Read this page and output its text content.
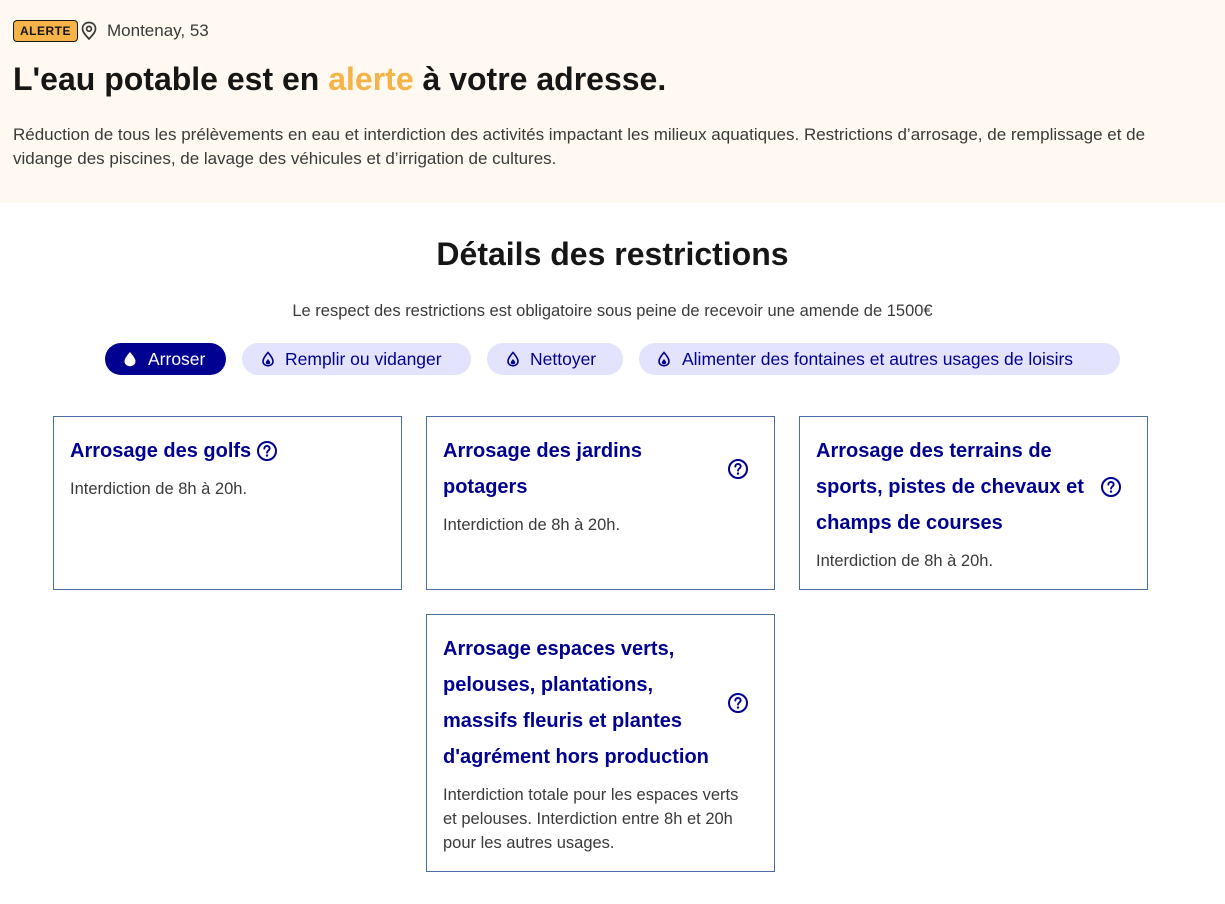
ALERTE	Montenay, 53
L'eau potable est en alerte à votre adresse.

Réduction de tous les prélèvements en eau et interdiction des activités impactant les milieux aquatiques. Restrictions d’arrosage, de remplissage et de vidange des piscines, de lavage des véhicules et d’irrigation de cultures.

Détails des restrictions

Le respect des restrictions est obligatoire sous peine de recevoir une amende de 1500€

Arroser	Remplir ou vidanger	Nettoyer	Alimenter des fontaines et autres usages de loisirs
Arrosage des golfs
Interdiction de 8h à 20h.
Arrosage des jardins potagers
Interdiction de 8h à 20h.
Arrosage des terrains de sports, pistes de chevaux et champs de courses
Interdiction de 8h à 20h.
Arrosage espaces verts, pelouses, plantations, massifs fleuris et plantes d'agrément hors production
Interdiction totale pour les espaces verts et pelouses. Interdiction entre 8h et 20h pour les autres usages.
